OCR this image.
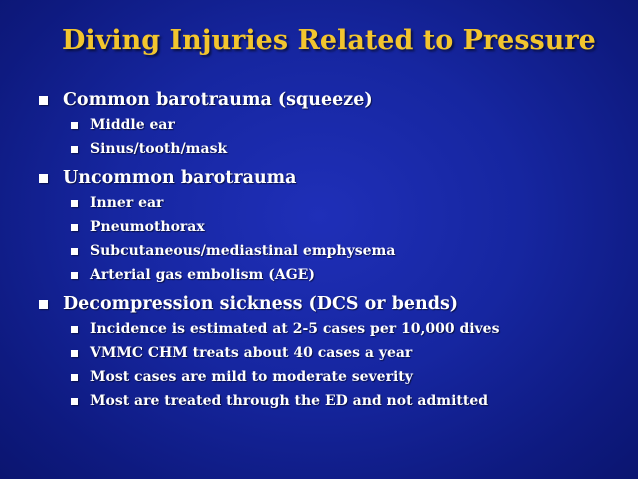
Diving Injuries Related to Pressure
Common barotrauma (squeeze)
Middle ear
Sinus/tooth/mask
Uncommon barotrauma
Inner ear
Pneumothorax
Subcutaneous/mediastinal emphysema
Arterial gas embolism (AGE)
Decompression sickness (DCS or bends)
Incidence is estimated at 2-5 cases per 10,000 dives
VMMC CHM treats about 40 cases a year
Most cases are mild to moderate severity
Most are treated through the ED and not admitted
